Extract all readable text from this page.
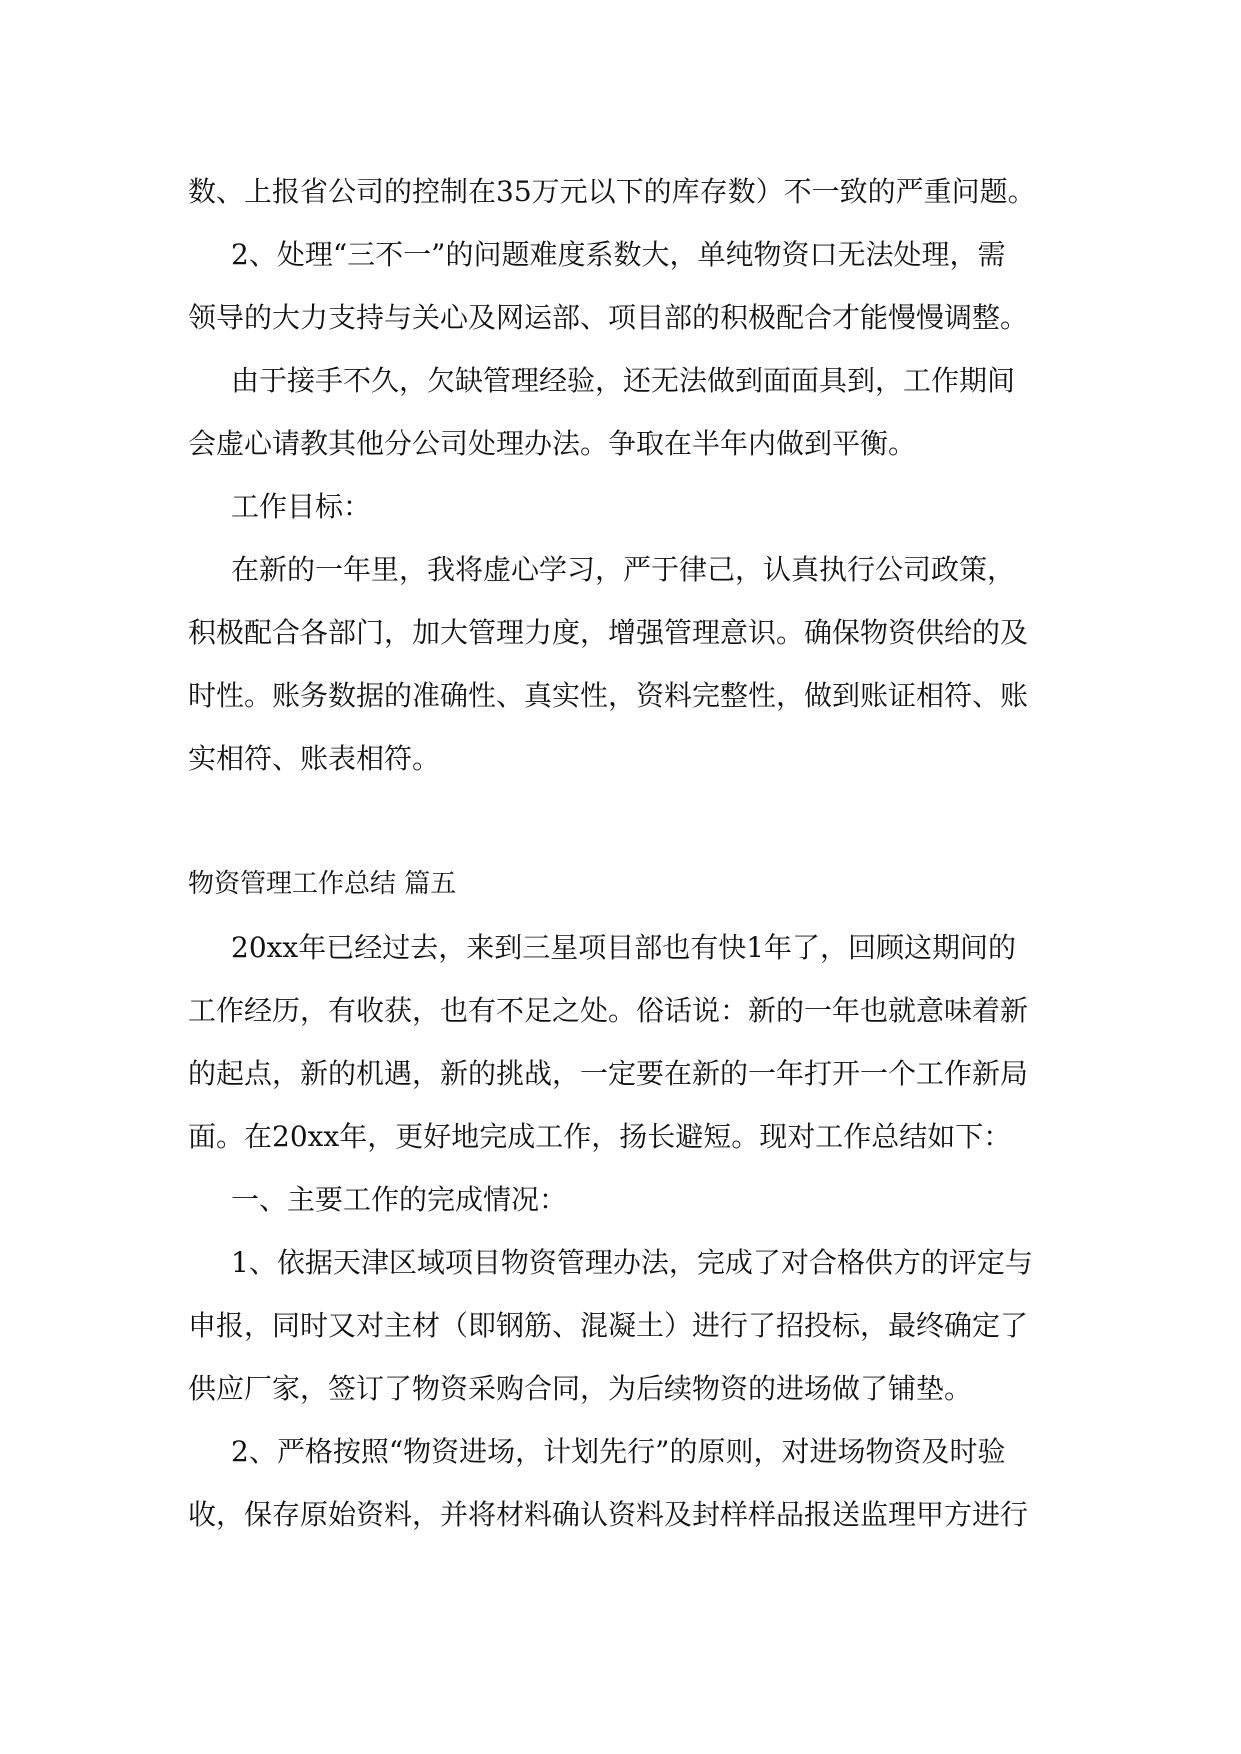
数、上报省公司的控制在35万元以下的库存数）不一致的严重问题。
2、处理“三不一”的问题难度系数大，单纯物资口无法处理，需
领导的大力支持与关心及网运部、项目部的积极配合才能慢慢调整。
由于接手不久，欠缺管理经验，还无法做到面面具到，工作期间
会虚心请教其他分公司处理办法。争取在半年内做到平衡。
工作目标：
在新的一年里，我将虚心学习，严于律己，认真执行公司政策，
积极配合各部门，加大管理力度，增强管理意识。确保物资供给的及
时性。账务数据的准确性、真实性，资料完整性，做到账证相符、账
实相符、账表相符。
物资管理工作总结 篇五
20xx年已经过去，来到三星项目部也有快1年了，回顾这期间的
工作经历，有收获，也有不足之处。俗话说：新的一年也就意味着新
的起点，新的机遇，新的挑战，一定要在新的一年打开一个工作新局
面。在20xx年，更好地完成工作，扬长避短。现对工作总结如下：
一、主要工作的完成情况：
1、依据天津区域项目物资管理办法，完成了对合格供方的评定与
申报，同时又对主材（即钢筋、混凝土）进行了招投标，最终确定了
供应厂家，签订了物资采购合同，为后续物资的进场做了铺垫。
2、严格按照“物资进场，计划先行”的原则，对进场物资及时验
收，保存原始资料，并将材料确认资料及封样样品报送监理甲方进行
